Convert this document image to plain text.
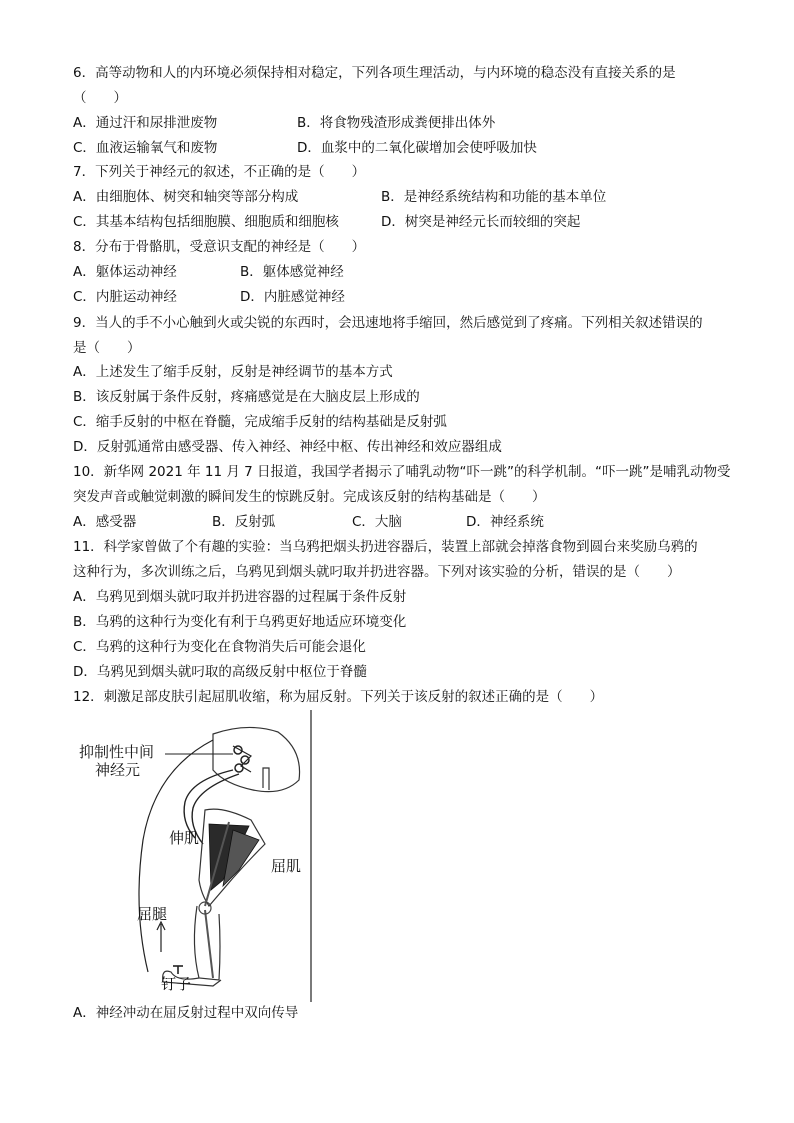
6．高等动物和人的内环境必须保持相对稳定，下列各项生理活动，与内环境的稳态没有直接关系的是
（　　）
A．通过汗和尿排泄废物	B．将食物残渣形成粪便排出体外
C．血液运输氧气和废物	D．血浆中的二氧化碳增加会使呼吸加快
7．下列关于神经元的叙述，不正确的是（　　）
A．由细胞体、树突和轴突等部分构成	B．是神经系统结构和功能的基本单位
C．其基本结构包括细胞膜、细胞质和细胞核	D．树突是神经元长而较细的突起
8．分布于骨骼肌，受意识支配的神经是（　　）
A．躯体运动神经	B．躯体感觉神经
C．内脏运动神经	D．内脏感觉神经
9．当人的手不小心触到火或尖锐的东西时，会迅速地将手缩回，然后感觉到了疼痛。下列相关叙述错误的
是（　　）
A．上述发生了缩手反射，反射是神经调节的基本方式
B．该反射属于条件反射，疼痛感觉是在大脑皮层上形成的
C．缩手反射的中枢在脊髓，完成缩手反射的结构基础是反射弧
D．反射弧通常由感受器、传入神经、神经中枢、传出神经和效应器组成
10．新华网 2021 年 11 月 7 日报道，我国学者揭示了哺乳动物“吓一跳”的科学机制。“吓一跳”是哺乳动物受
突发声音或触觉刺激的瞬间发生的惊跳反射。完成该反射的结构基础是（　　）
A．感受器	B．反射弧	C．大脑	D．神经系统
11．科学家曾做了个有趣的实验：当乌鸦把烟头扔进容器后，装置上部就会掉落食物到圆台来奖励乌鸦的
这种行为，多次训练之后，乌鸦见到烟头就叼取并扔进容器。下列对该实验的分析，错误的是（　　）
A．乌鸦见到烟头就叼取并扔进容器的过程属于条件反射
B．乌鸦的这种行为变化有利于乌鸦更好地适应环境变化
C．乌鸦的这种行为变化在食物消失后可能会退化
D．乌鸦见到烟头就叼取的高级反射中枢位于脊髓
12．刺激足部皮肤引起屈肌收缩，称为屈反射。下列关于该反射的叙述正确的是（　　）
抑制性中间
神经元
伸肌
屈肌
屈腿
钉子
A．神经冲动在屈反射过程中双向传导
